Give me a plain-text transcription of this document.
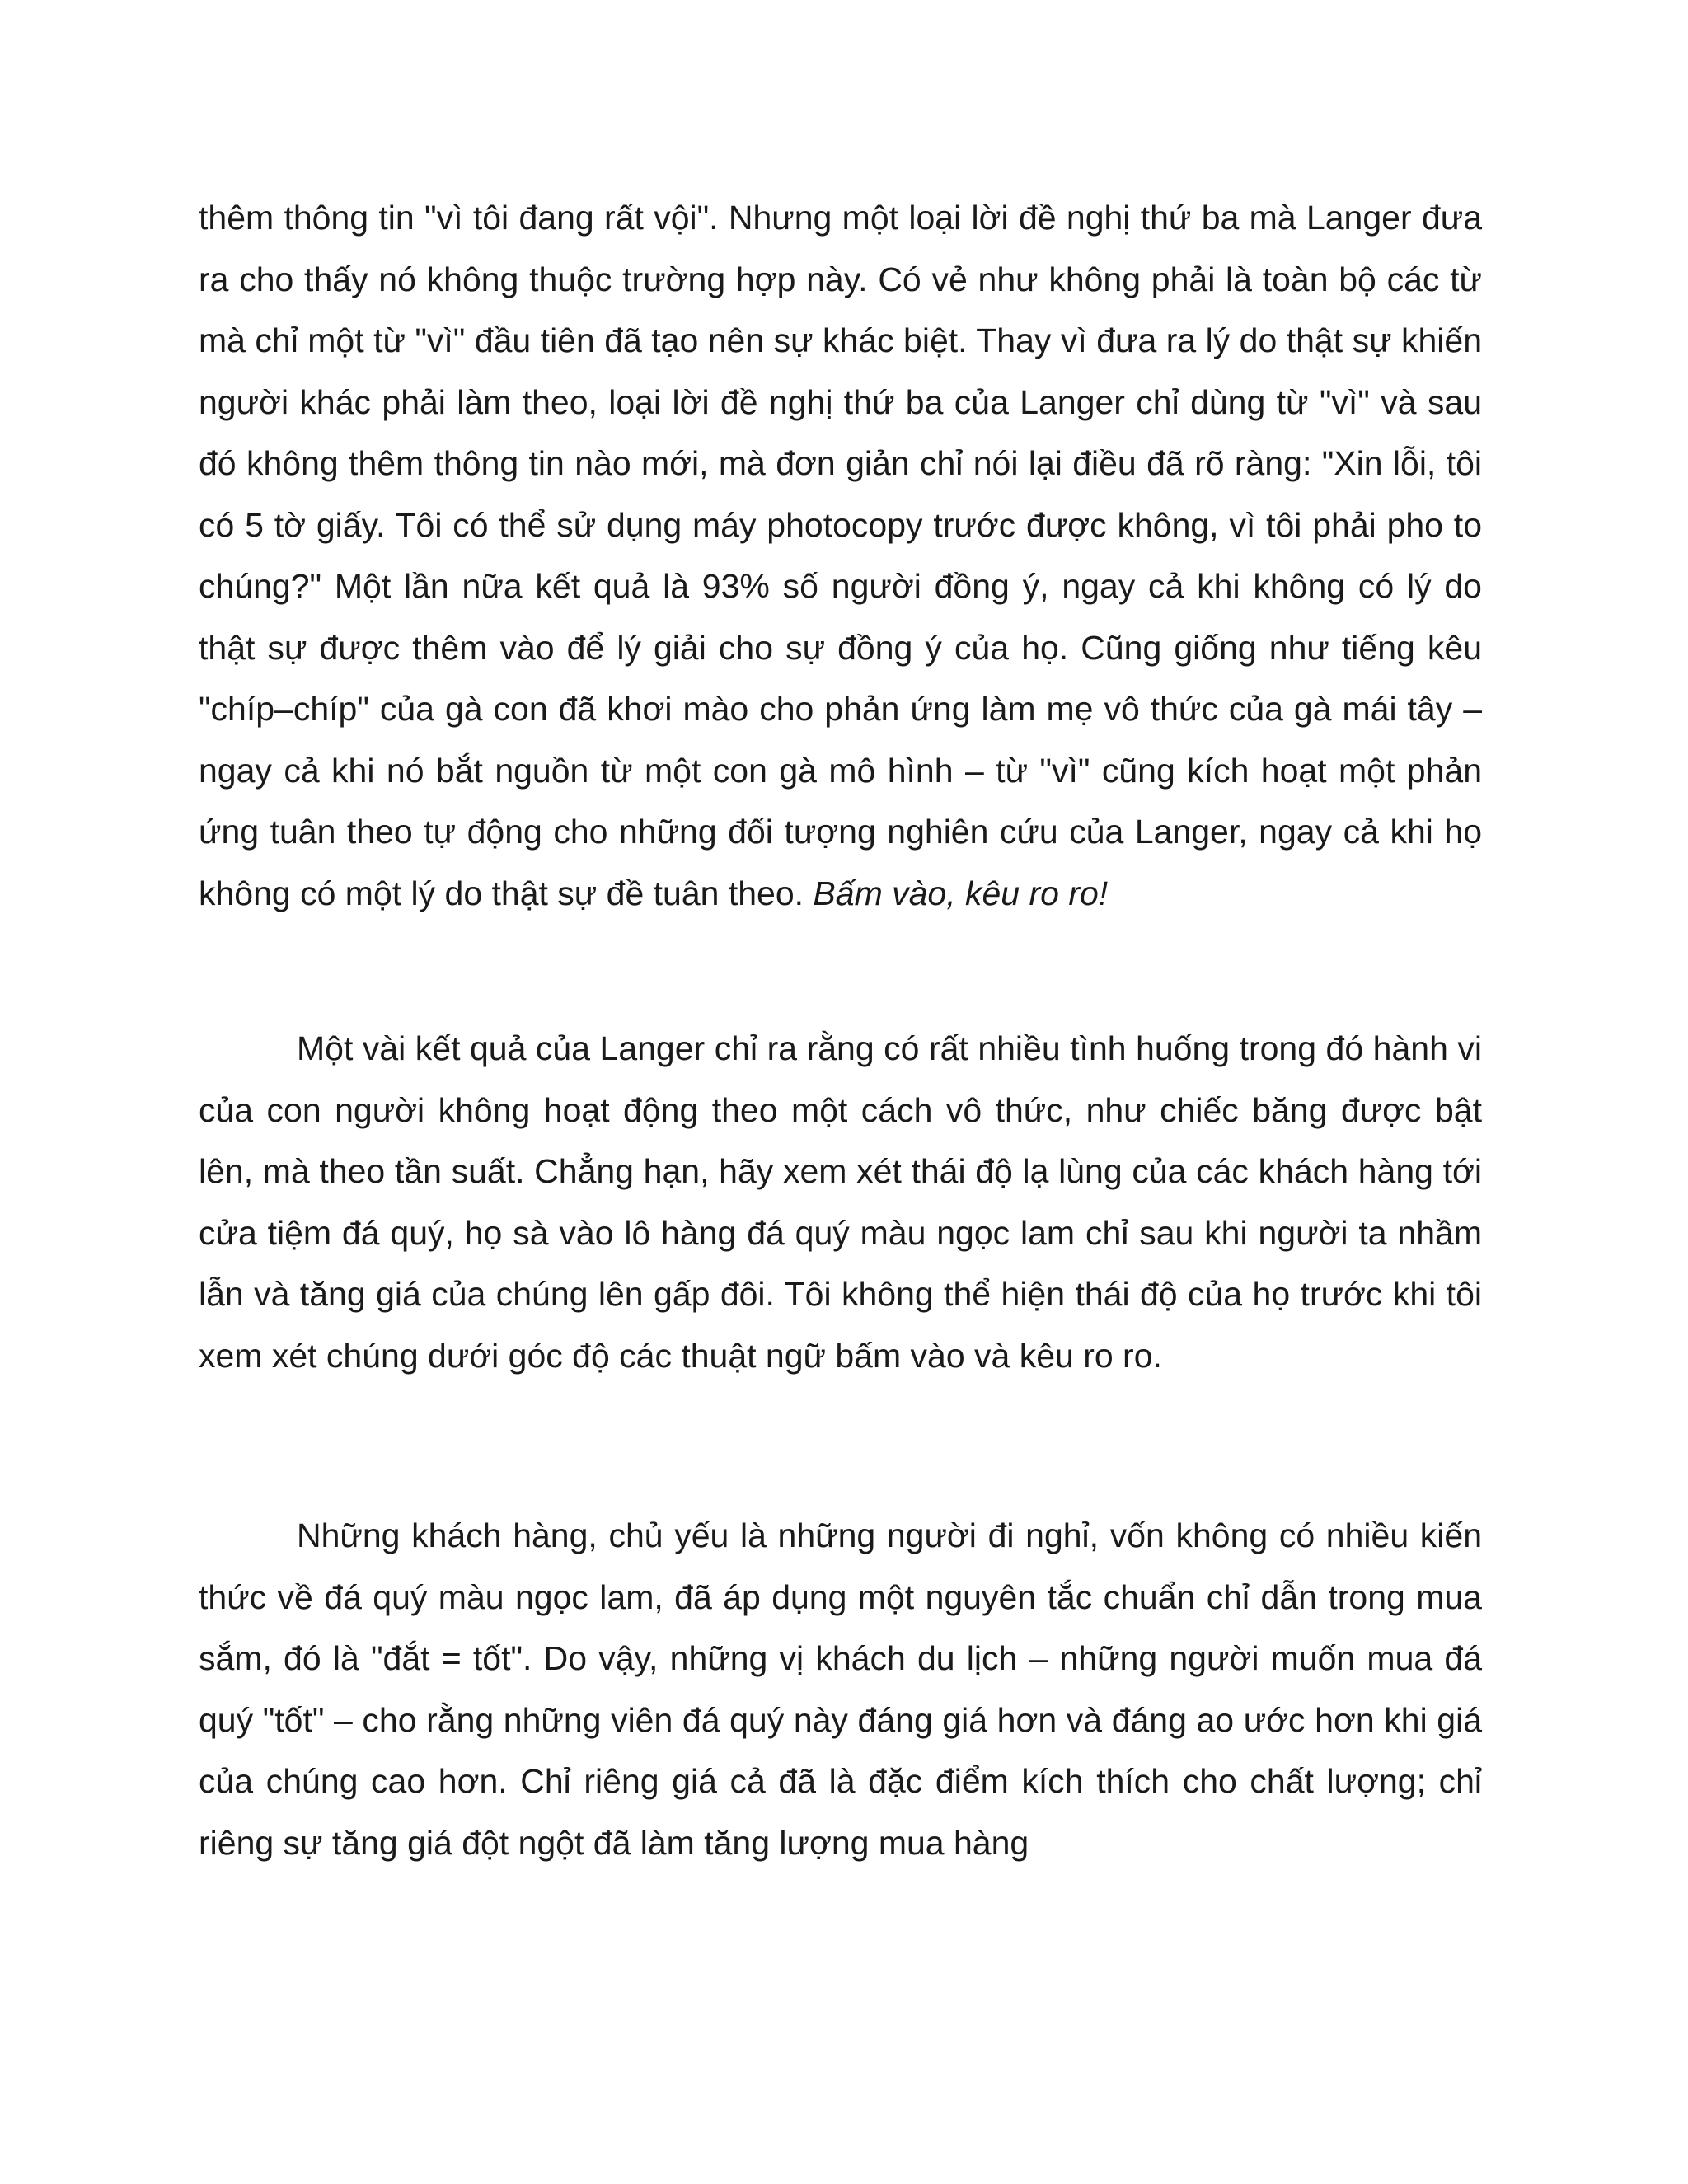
thêm thông tin "vì tôi đang rất vội". Nhưng một loại lời đề nghị thứ ba mà Langer đưa ra cho thấy nó không thuộc trường hợp này. Có vẻ như không phải là toàn bộ các từ mà chỉ một từ "vì" đầu tiên đã tạo nên sự khác biệt. Thay vì đưa ra lý do thật sự khiến người khác phải làm theo, loại lời đề nghị thứ ba của Langer chỉ dùng từ "vì" và sau đó không thêm thông tin nào mới, mà đơn giản chỉ nói lại điều đã rõ ràng: "Xin lỗi, tôi có 5 tờ giấy. Tôi có thể sử dụng máy photocopy trước được không, vì tôi phải pho to chúng?" Một lần nữa kết quả là 93% số người đồng ý, ngay cả khi không có lý do thật sự được thêm vào để lý giải cho sự đồng ý của họ. Cũng giống như tiếng kêu "chíp–chíp" của gà con đã khơi mào cho phản ứng làm mẹ vô thức của gà mái tây – ngay cả khi nó bắt nguồn từ một con gà mô hình – từ "vì" cũng kích hoạt một phản ứng tuân theo tự động cho những đối tượng nghiên cứu của Langer, ngay cả khi họ không có một lý do thật sự đề tuân theo. Bấm vào, kêu ro ro!

Một vài kết quả của Langer chỉ ra rằng có rất nhiều tình huống trong đó hành vi của con người không hoạt động theo một cách vô thức, như chiếc băng được bật lên, mà theo tần suất. Chẳng hạn, hãy xem xét thái độ lạ lùng của các khách hàng tới cửa tiệm đá quý, họ sà vào lô hàng đá quý màu ngọc lam chỉ sau khi người ta nhầm lẫn và tăng giá của chúng lên gấp đôi. Tôi không thể hiện thái độ của họ trước khi tôi xem xét chúng dưới góc độ các thuật ngữ bấm vào và kêu ro ro.

Những khách hàng, chủ yếu là những người đi nghỉ, vốn không có nhiều kiến thức về đá quý màu ngọc lam, đã áp dụng một nguyên tắc chuẩn chỉ dẫn trong mua sắm, đó là "đắt = tốt". Do vậy, những vị khách du lịch – những người muốn mua đá quý "tốt" – cho rằng những viên đá quý này đáng giá hơn và đáng ao ước hơn khi giá của chúng cao hơn. Chỉ riêng giá cả đã là đặc điểm kích thích cho chất lượng; chỉ riêng sự tăng giá đột ngột đã làm tăng lượng mua hàng
